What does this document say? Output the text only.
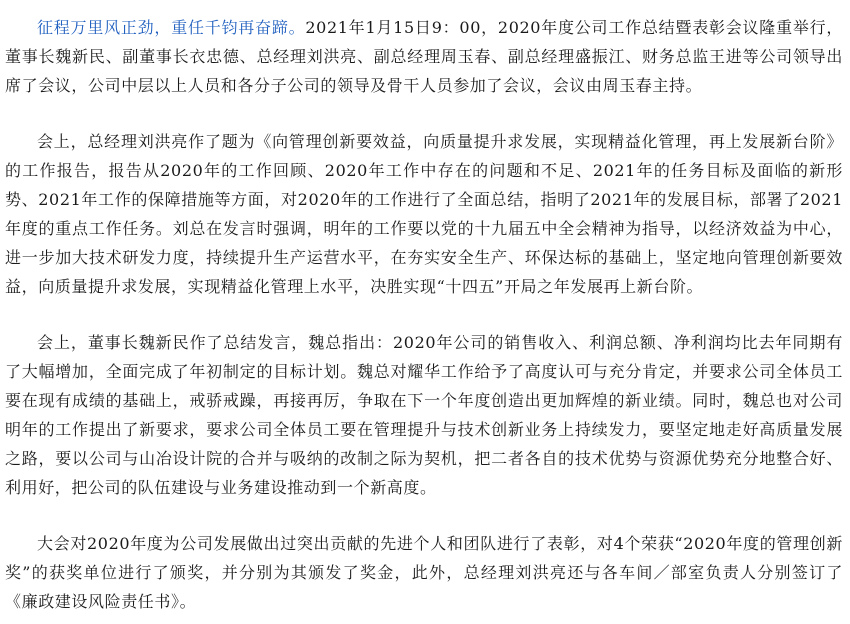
征程万里风正劲，重任千钧再奋蹄。2021年1月15日9：00，2020年度公司工作总结暨表彰会议隆重举行，董事长魏新民、副董事长衣忠德、总经理刘洪亮、副总经理周玉春、副总经理盛振江、财务总监王进等公司领导出席了会议，公司中层以上人员和各分子公司的领导及骨干人员参加了会议，会议由周玉春主持。

会上，总经理刘洪亮作了题为《向管理创新要效益，向质量提升求发展，实现精益化管理，再上发展新台阶》的工作报告，报告从2020年的工作回顾、2020年工作中存在的问题和不足、2021年的任务目标及面临的新形势、2021年工作的保障措施等方面，对2020年的工作进行了全面总结，指明了2021年的发展目标，部署了2021年度的重点工作任务。刘总在发言时强调，明年的工作要以党的十九届五中全会精神为指导，以经济效益为中心，进一步加大技术研发力度，持续提升生产运营水平，在夯实安全生产、环保达标的基础上，坚定地向管理创新要效益，向质量提升求发展，实现精益化管理上水平，决胜实现“十四五”开局之年发展再上新台阶。

会上，董事长魏新民作了总结发言，魏总指出：2020年公司的销售收入、利润总额、净利润均比去年同期有了大幅增加，全面完成了年初制定的目标计划。魏总对耀华工作给予了高度认可与充分肯定，并要求公司全体员工要在现有成绩的基础上，戒骄戒躁，再接再厉，争取在下一个年度创造出更加辉煌的新业绩。同时，魏总也对公司明年的工作提出了新要求，要求公司全体员工要在管理提升与技术创新业务上持续发力，要坚定地走好高质量发展之路，要以公司与山冶设计院的合并与吸纳的改制之际为契机，把二者各自的技术优势与资源优势充分地整合好、利用好，把公司的队伍建设与业务建设推动到一个新高度。

大会对2020年度为公司发展做出过突出贡献的先进个人和团队进行了表彰，对4个荣获“2020年度的管理创新奖”的获奖单位进行了颁奖，并分别为其颁发了奖金，此外，总经理刘洪亮还与各车间／部室负责人分别签订了《廉政建设风险责任书》。
